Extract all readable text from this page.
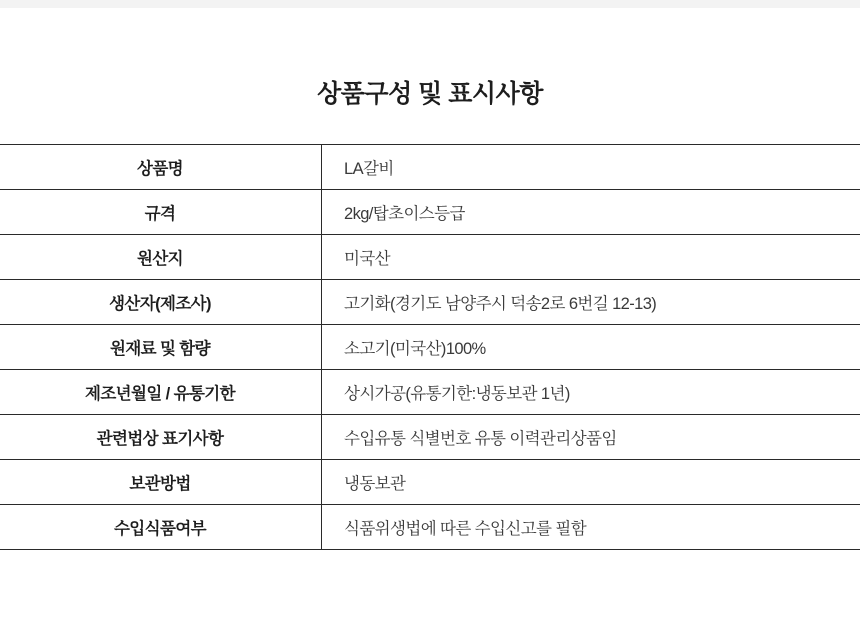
상품구성 및 표시사항
상품명	LA갈비
규격	2kg/탑초이스등급
원산지	미국산
생산자(제조사)	고기화(경기도 남양주시 덕송2로 6번길 12-13)
원재료 및 함량	소고기(미국산)100%
제조년월일 / 유통기한	상시가공(유통기한:냉동보관 1년)
관련법상 표기사항	수입유통 식별번호 유통 이력관리상품임
보관방법	냉동보관
수입식품여부	식품위생법에 따른 수입신고를 필함
